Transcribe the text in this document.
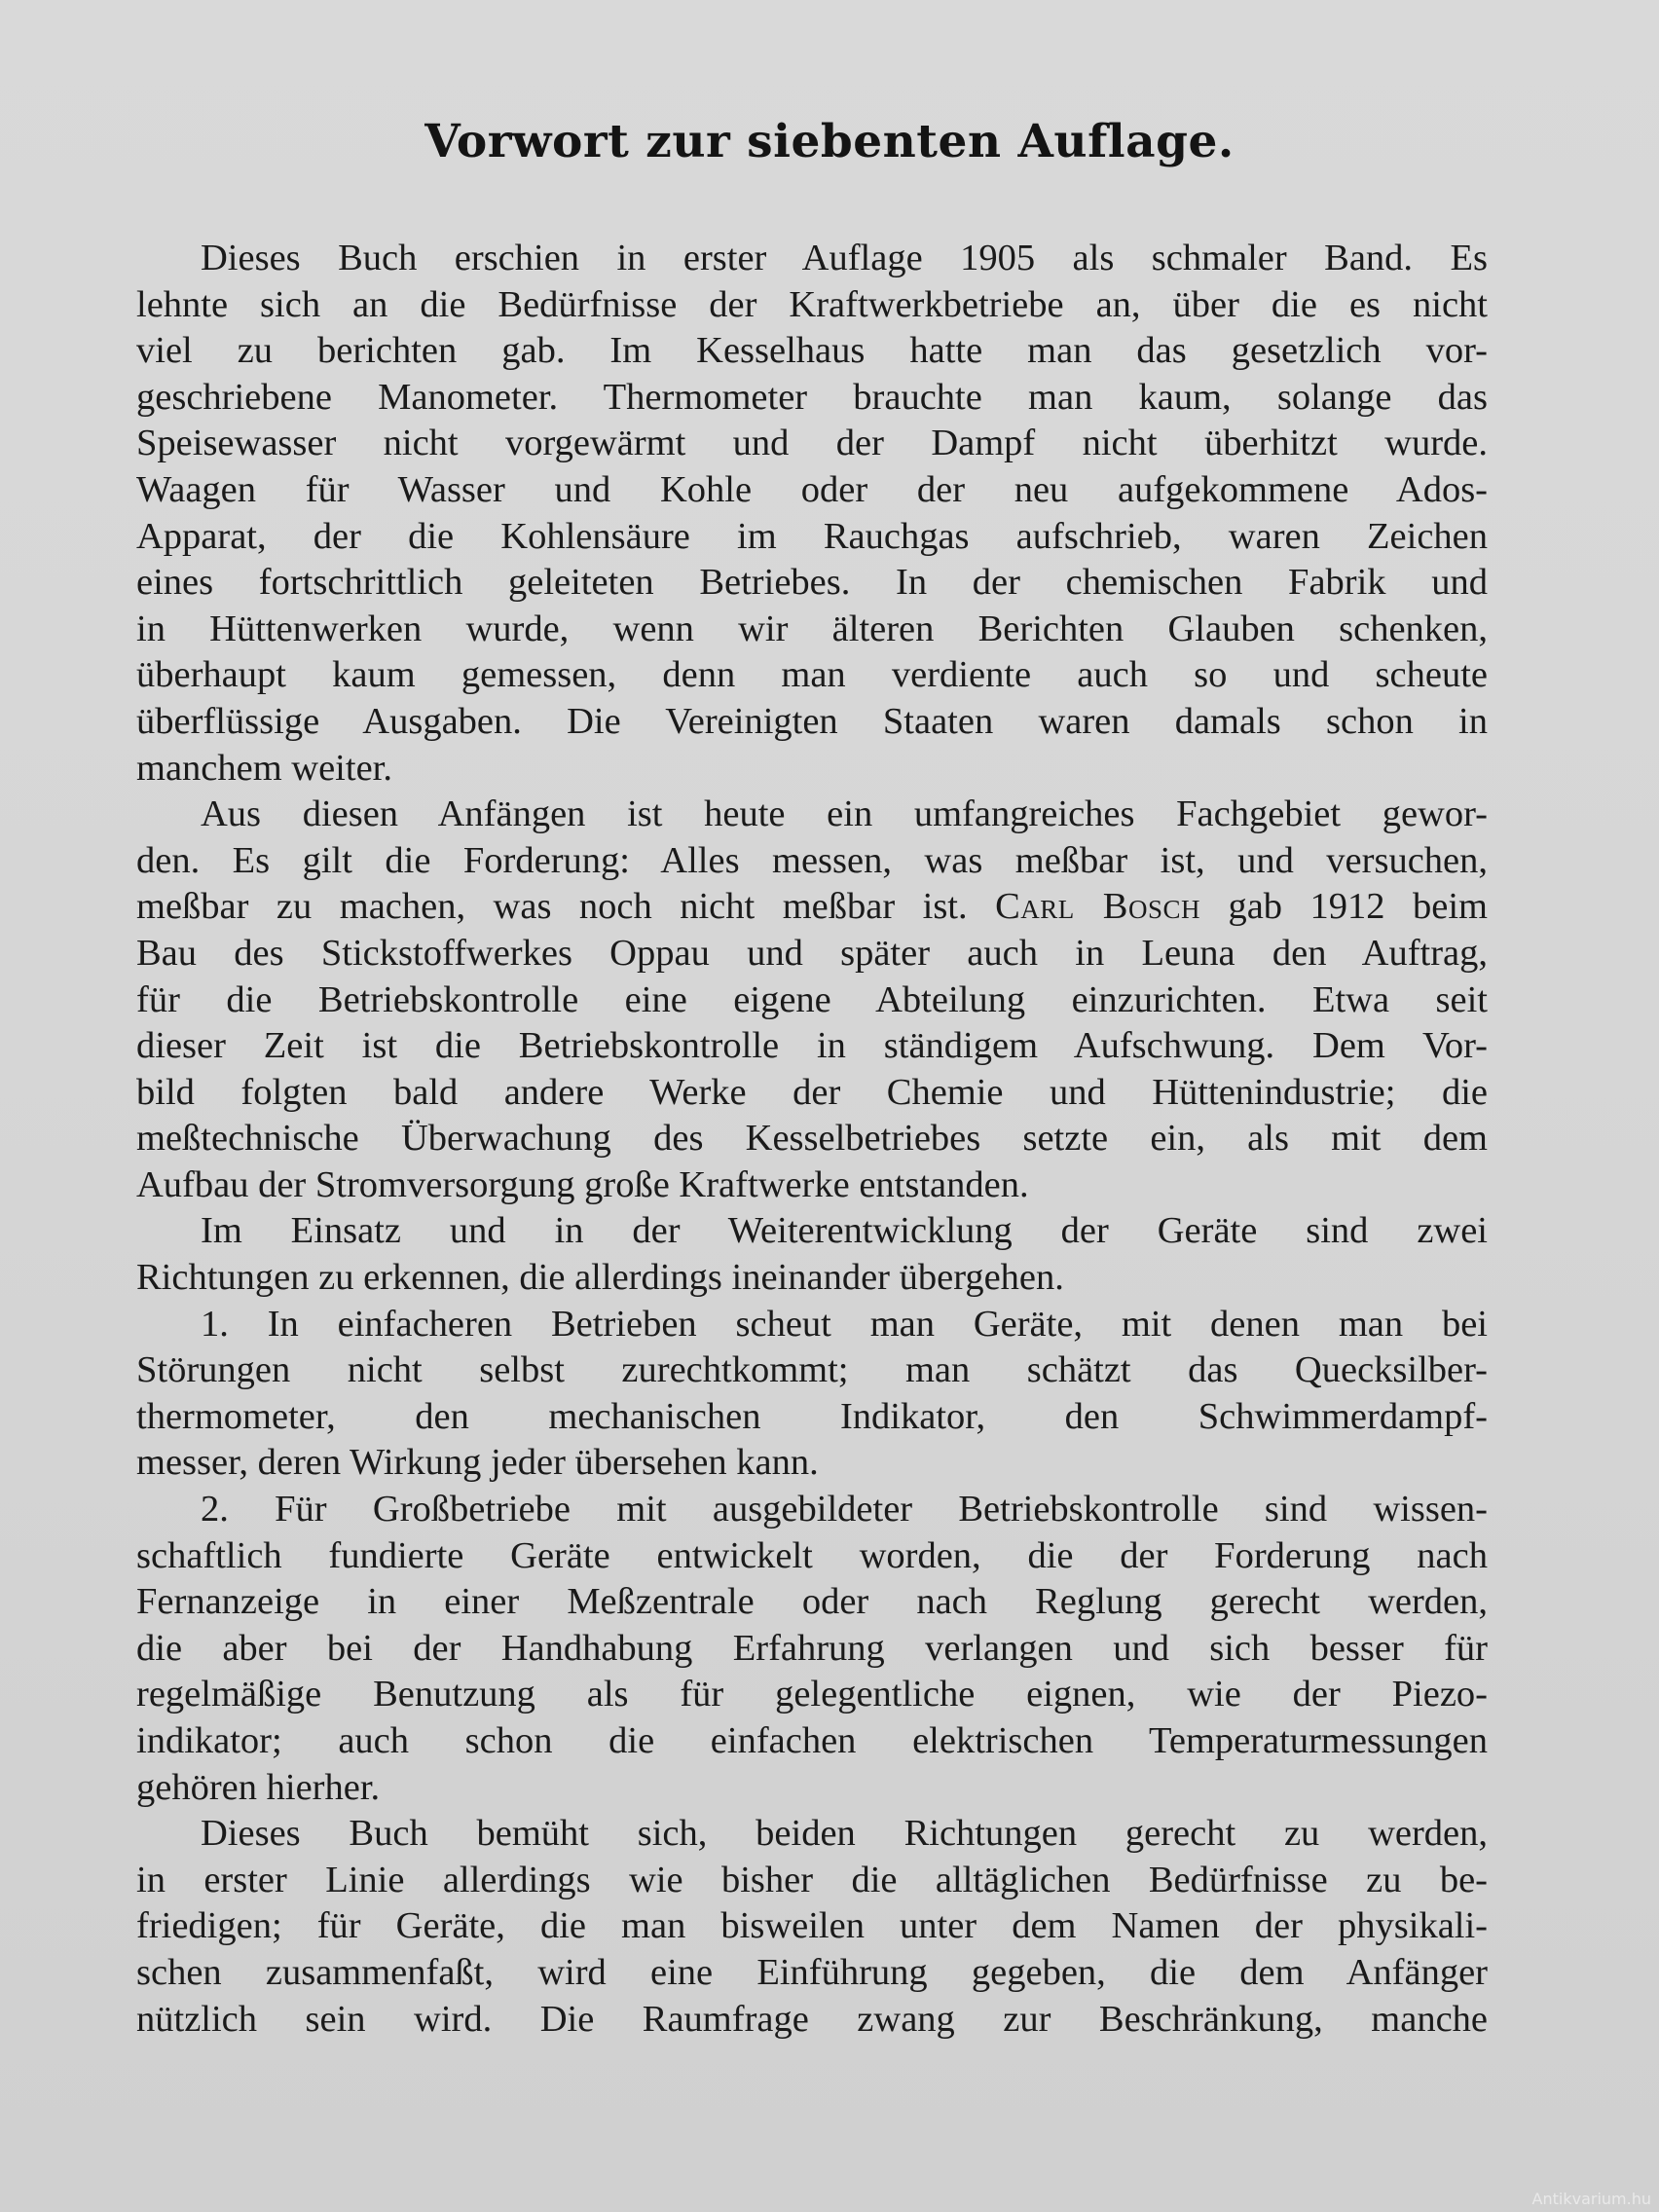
Vorwort zur siebenten Auflage.
Dieses Buch erschien in erster Auflage 1905 als schmaler Band. Es
lehnte sich an die Bedürfnisse der Kraftwerkbetriebe an, über die es nicht
viel zu berichten gab. Im Kesselhaus hatte man das gesetzlich vor-
geschriebene Manometer. Thermometer brauchte man kaum, solange das
Speisewasser nicht vorgewärmt und der Dampf nicht überhitzt wurde.
Waagen für Wasser und Kohle oder der neu aufgekommene Ados-
Apparat, der die Kohlensäure im Rauchgas aufschrieb, waren Zeichen
eines fortschrittlich geleiteten Betriebes. In der chemischen Fabrik und
in Hüttenwerken wurde, wenn wir älteren Berichten Glauben schenken,
überhaupt kaum gemessen, denn man verdiente auch so und scheute
überflüssige Ausgaben. Die Vereinigten Staaten waren damals schon in
manchem weiter.
Aus diesen Anfängen ist heute ein umfangreiches Fachgebiet gewor-
den. Es gilt die Forderung: Alles messen, was meßbar ist, und versuchen,
meßbar zu machen, was noch nicht meßbar ist. Carl Bosch gab 1912 beim
Bau des Stickstoffwerkes Oppau und später auch in Leuna den Auftrag,
für die Betriebskontrolle eine eigene Abteilung einzurichten. Etwa seit
dieser Zeit ist die Betriebskontrolle in ständigem Aufschwung. Dem Vor-
bild folgten bald andere Werke der Chemie und Hüttenindustrie; die
meßtechnische Überwachung des Kesselbetriebes setzte ein, als mit dem
Aufbau der Stromversorgung große Kraftwerke entstanden.
Im Einsatz und in der Weiterentwicklung der Geräte sind zwei
Richtungen zu erkennen, die allerdings ineinander übergehen.
1. In einfacheren Betrieben scheut man Geräte, mit denen man bei
Störungen nicht selbst zurechtkommt; man schätzt das Quecksilber-
thermometer, den mechanischen Indikator, den Schwimmerdampf-
messer, deren Wirkung jeder übersehen kann.
2. Für Großbetriebe mit ausgebildeter Betriebskontrolle sind wissen-
schaftlich fundierte Geräte entwickelt worden, die der Forderung nach
Fernanzeige in einer Meßzentrale oder nach Reglung gerecht werden,
die aber bei der Handhabung Erfahrung verlangen und sich besser für
regelmäßige Benutzung als für gelegentliche eignen, wie der Piezo-
indikator; auch schon die einfachen elektrischen Temperaturmessungen
gehören hierher.
Dieses Buch bemüht sich, beiden Richtungen gerecht zu werden,
in erster Linie allerdings wie bisher die alltäglichen Bedürfnisse zu be-
friedigen; für Geräte, die man bisweilen unter dem Namen der physikali-
schen zusammenfaßt, wird eine Einführung gegeben, die dem Anfänger
nützlich sein wird. Die Raumfrage zwang zur Beschränkung, manche
Antikvarium.hu
